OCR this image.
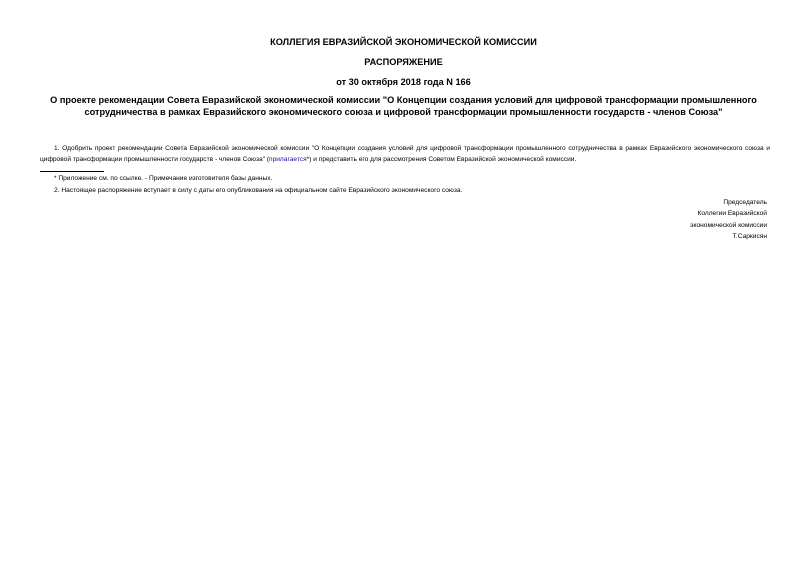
КОЛЛЕГИЯ ЕВРАЗИЙСКОЙ ЭКОНОМИЧЕСКОЙ КОМИССИИ
РАСПОРЯЖЕНИЕ
от 30 октября 2018 года N 166
О проекте рекомендации Совета Евразийской экономической комиссии "О Концепции создания условий для цифровой трансформации промышленного сотрудничества в рамках Евразийского экономического союза и цифровой трансформации промышленности государств - членов Союза"
1. Одобрить проект рекомендации Совета Евразийской экономической комиссии "О Концепции создания условий для цифровой трансформации промышленного сотрудничества в рамках Евразийского экономического союза и цифровой трансформации промышленности государств - членов Союза" (прилагается*) и представить его для рассмотрения Советом Евразийской экономической комиссии.
* Приложение см. по ссылке. - Примечание изготовителя базы данных.
2. Настоящее распоряжение вступает в силу с даты его опубликования на официальном сайте Евразийского экономического союза.
Председатель
Коллегии Евразийской
экономической комиссии
Т.Саркисян
